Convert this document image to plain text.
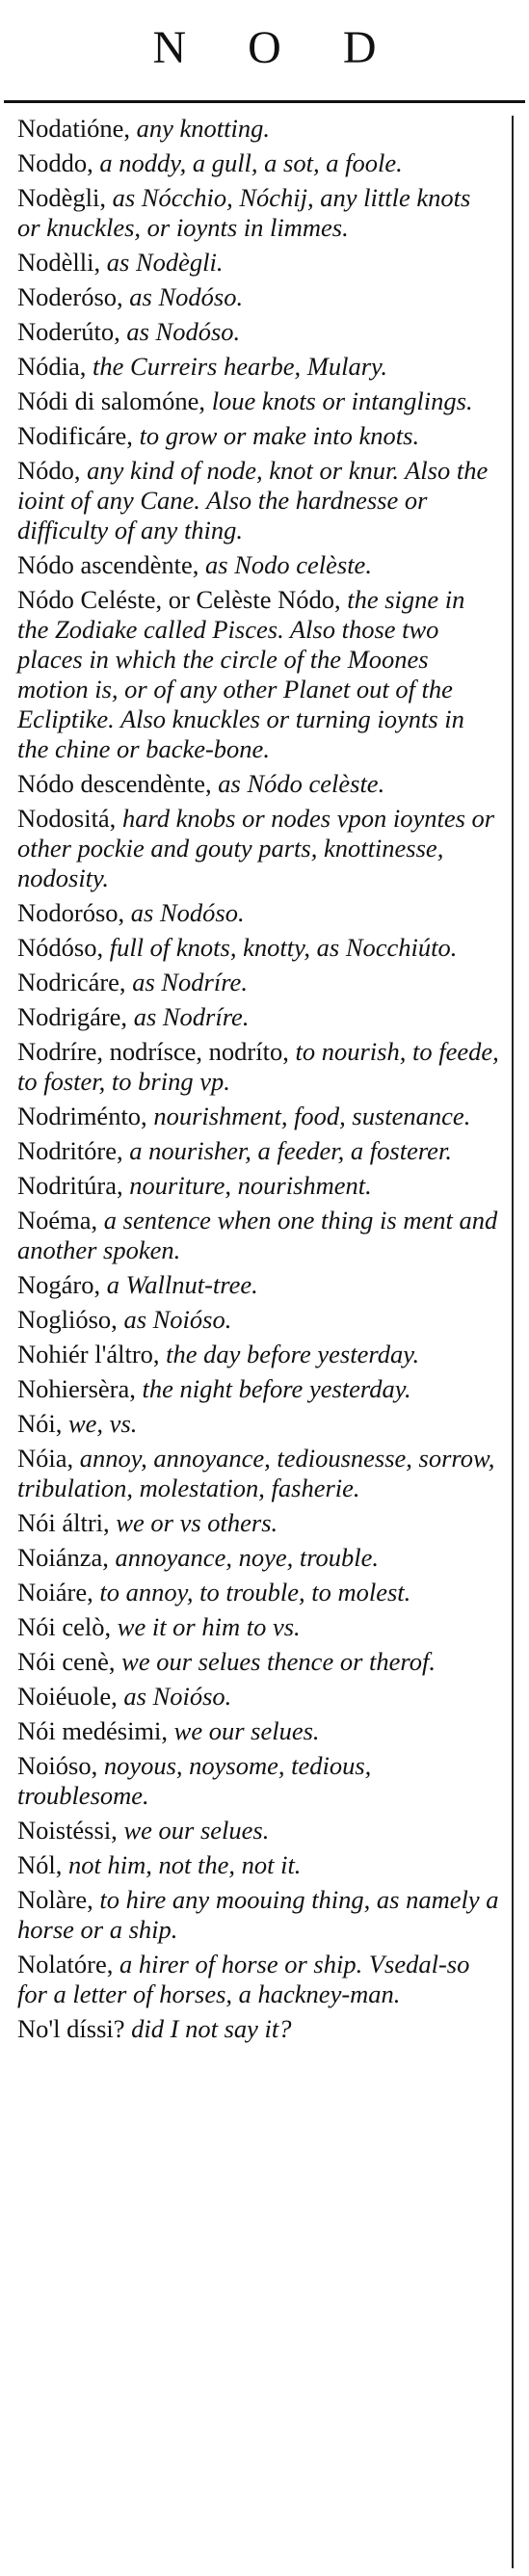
N O D
Nodatióne, any knotting.
Noddo, a noddy, a gull, a sot, a foole.
Nodègli, as Nócchio, Nóchij, any little knots or knuckles, or ioynts in limmes.
Nodèlli, as Nodègli.
Noderóso, as Nodóso.
Noderúto, as Nodóso.
Nódia, the Curreirs hearbe, Mulary.
Nódi di salomóne, loue knots or intanglings.
Nodificáre, to grow or make into knots.
Nódo, any kind of node, knot or knur. Also the ioint of any Cane. Also the hardnesse or difficulty of any thing.
Nódo ascendènte, as Nodo celèste.
Nódo Celéste, or Celèste Nódo, the signe in the Zodiake called Pisces. Also those two places in which the circle of the Moones motion is, or of any other Planet out of the Ecliptike. Also knuckles or turning ioynts in the chine or backe-bone.
Nódo descendènte, as Nódo celèste.
Nodositá, hard knobs or nodes vpon ioyntes or other pockie and gouty parts, knottinesse, nodosity.
Nodoróso, as Nodóso.
Nódóso, full of knots, knotty, as Nocchiúto.
Nodricáre, as Nodríre.
Nodrigáre, as Nodríre.
Nodríre, nodrísce, nodríto, to nourish, to feede, to foster, to bring vp.
Nodriménto, nourishment, food, sustenance.
Nodritóre, a nourisher, a feeder, a fosterer.
Nodritúra, nouriture, nourishment.
Noéma, a sentence when one thing is ment and another spoken.
Nogáro, a Wallnut-tree.
Noglióso, as Noióso.
Nohiér l'áltro, the day before yesterday.
Nohiersèra, the night before yesterday.
Nói, we, vs.
Nóia, annoy, annoyance, tediousnesse, sorrow, tribulation, molestation, fasherie.
Nói áltri, we or vs others.
Noiánza, annoyance, noye, trouble.
Noiáre, to annoy, to trouble, to molest.
Nói celò, we it or him to vs.
Nói cenè, we our selues thence or therof.
Noiéuole, as Noióso.
Nói medésimi, we our selues.
Noióso, noyous, noysome, tedious, troublesome.
Noistéssi, we our selues.
Nól, not him, not the, not it.
Nolàre, to hire any moouing thing, as namely a horse or a ship.
Nolatóre, a hirer of horse or ship. Vsedal-so for a letter of horses, a hackney-man.
No'l díssi? did I not say it?
